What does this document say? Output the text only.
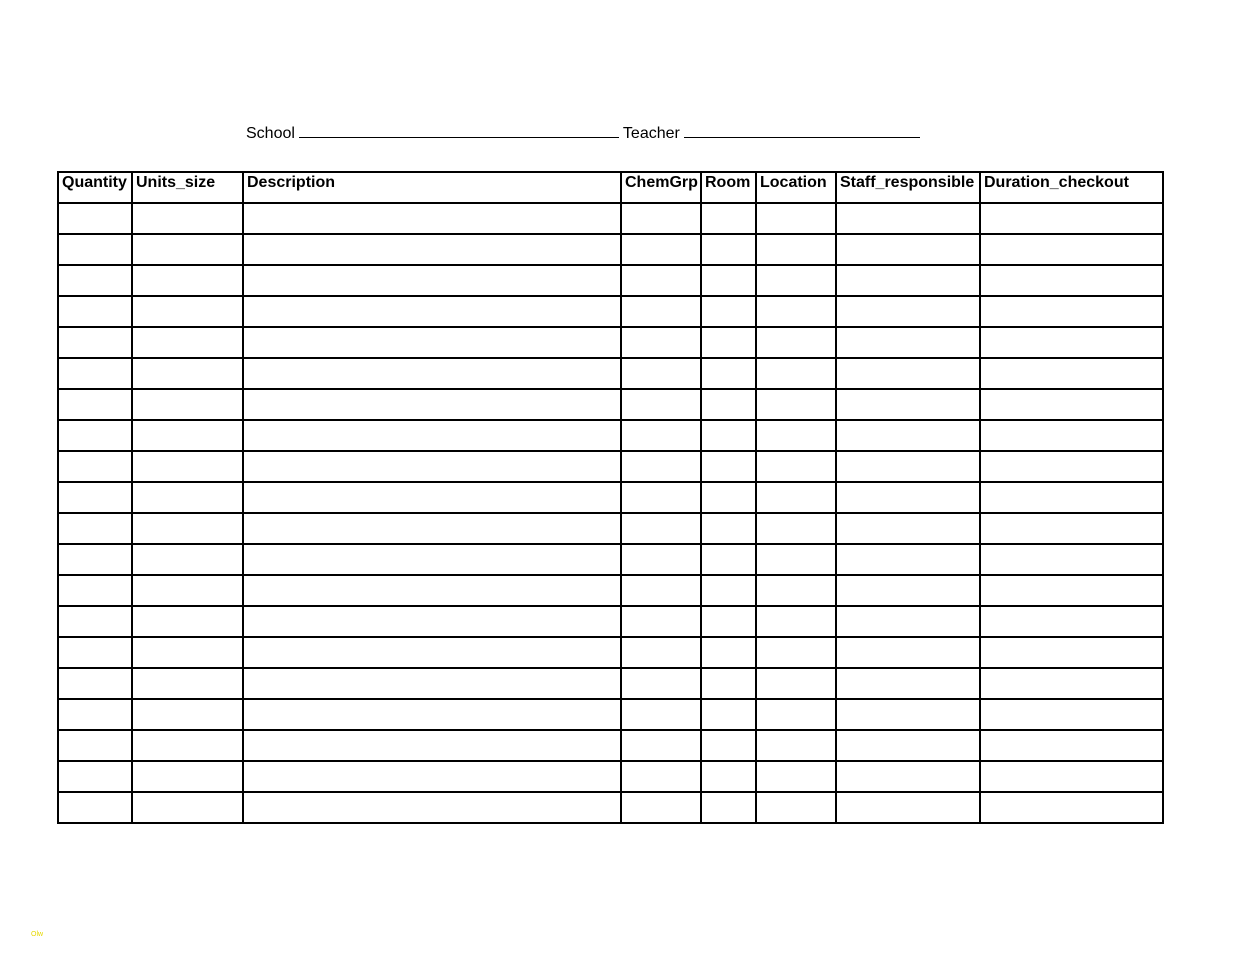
School	Teacher
Quantity	Units_size	Description	ChemGrp	Room	Location	Staff_responsible	Duration_checkout

Olw
